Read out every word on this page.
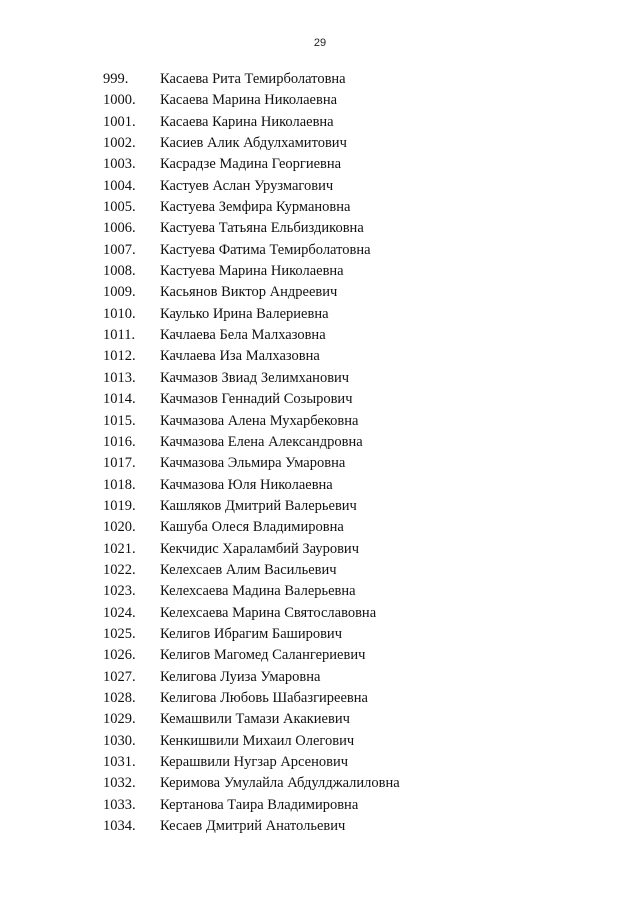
29
999. Касаева Рита Темирболатовна
1000. Касаева Марина Николаевна
1001. Касаева Карина Николаевна
1002. Касиев Алик Абдулхамитович
1003. Касрадзе Мадина Георгиевна
1004. Кастуев Аслан Урузмагович
1005. Кастуева Земфира Курмановна
1006. Кастуева Татьяна Ельбиздиковна
1007. Кастуева Фатима Темирболатовна
1008. Кастуева Марина Николаевна
1009. Касьянов Виктор Андреевич
1010. Каулько Ирина Валериевна
1011. Качлаева Бела Малхазовна
1012. Качлаева Иза Малхазовна
1013. Качмазов Звиад Зелимханович
1014. Качмазов Геннадий Созырович
1015. Качмазова Алена Мухарбековна
1016. Качмазова Елена Александровна
1017. Качмазова Эльмира Умаровна
1018. Качмазова Юля Николаевна
1019. Кашляков Дмитрий Валерьевич
1020. Кашуба Олеся Владимировна
1021. Кекчидис Хараламбий Заурович
1022. Келехсаев Алим Васильевич
1023. Келехсаева Мадина Валерьевна
1024. Келехсаева Марина Святославовна
1025. Келигов Ибрагим Баширович
1026. Келигов Магомед Салангериевич
1027. Келигова Луиза Умаровна
1028. Келигова Любовь Шабазгиреевна
1029. Кемашвили Тамази Акакиевич
1030. Кенкишвили Михаил Олегович
1031. Керашвили Нугзар Арсенович
1032. Керимова Умулайла Абдулджалиловна
1033. Кертанова Таира Владимировна
1034. Кесаев Дмитрий Анатольевич
